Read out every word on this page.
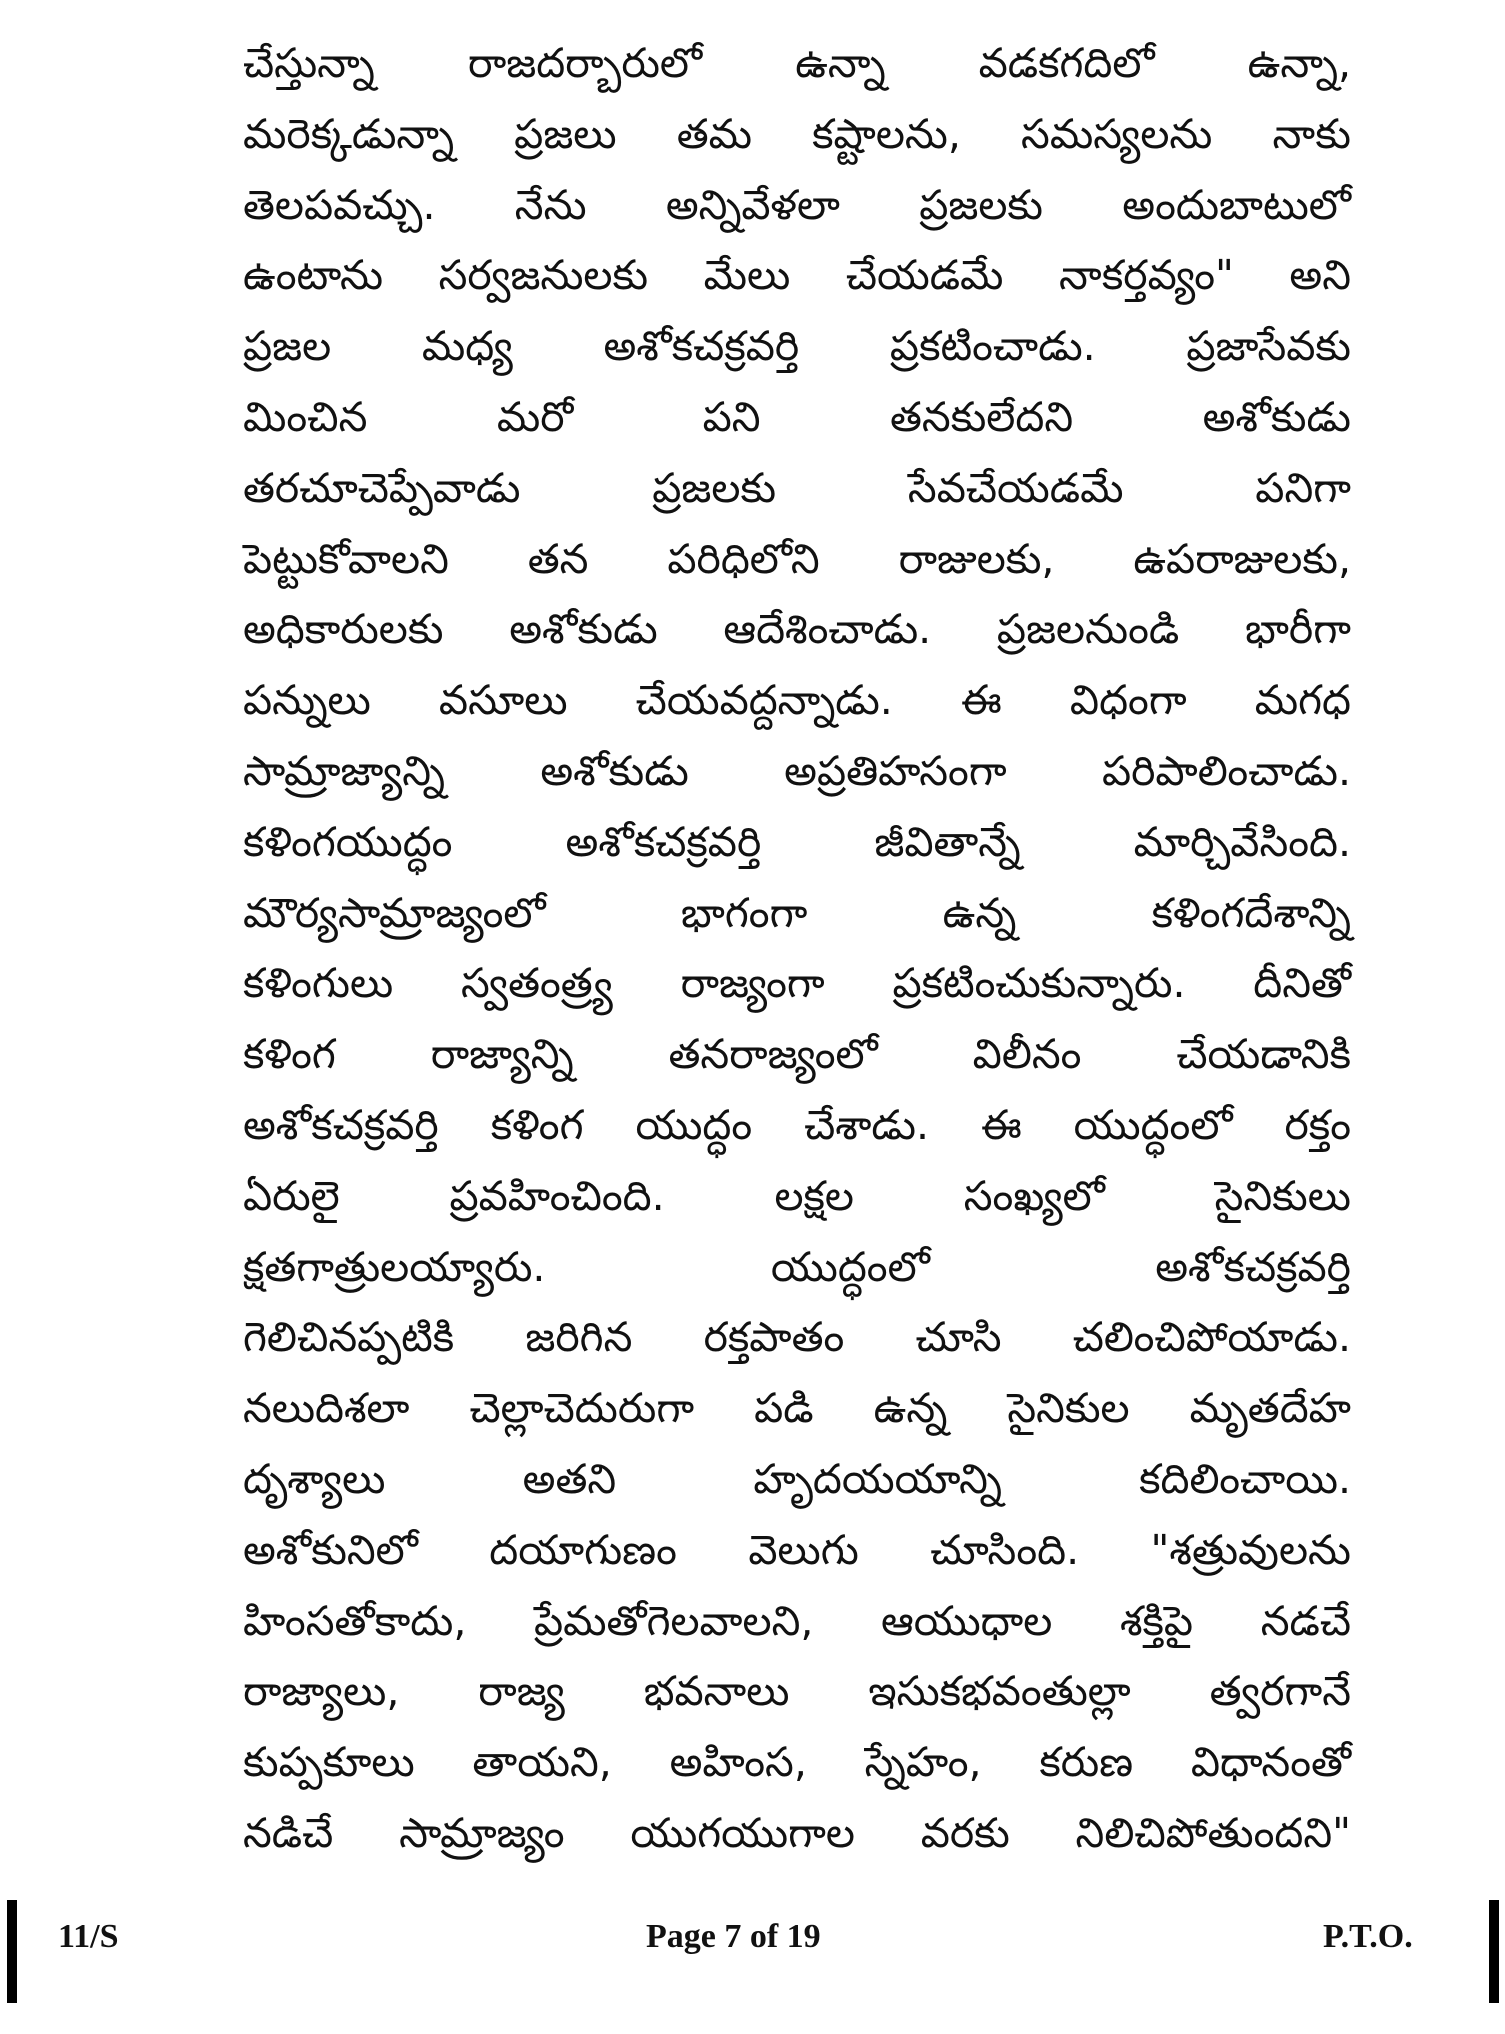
చేస్తున్నా రాజదర్బారులో ఉన్నా వడకగదిలో ఉన్నా,
మరెక్కడున్నా ప్రజలు తమ కష్టాలను, సమస్యలను నాకు
తెలపవచ్చు. నేను అన్నివేళలా ప్రజలకు అందుబాటులో
ఉంటాను సర్వజనులకు మేలు చేయడమే నాకర్తవ్యం" అని
ప్రజల మధ్య అశోకచక్రవర్తి ప్రకటించాడు. ప్రజాసేవకు
మించిన మరో పని తనకులేదని అశోకుడు
తరచూచెప్పేవాడు ప్రజలకు సేవచేయడమే పనిగా
పెట్టుకోవాలని తన పరిధిలోని రాజులకు, ఉపరాజులకు,
అధికారులకు అశోకుడు ఆదేశించాడు. ప్రజలనుండి భారీగా
పన్నులు వసూలు చేయవద్దన్నాడు. ఈ విధంగా మగధ
సామ్రాజ్యాన్ని అశోకుడు అప్రతిహసంగా పరిపాలించాడు.
కళింగయుద్ధం అశోకచక్రవర్తి జీవితాన్నే మార్చివేసింది.
మౌర్యసామ్రాజ్యంలో భాగంగా ఉన్న కళింగదేశాన్ని
కళింగులు స్వతంత్ర్య రాజ్యంగా ప్రకటించుకున్నారు. దీనితో
కళింగ రాజ్యాన్ని తనరాజ్యంలో విలీనం చేయడానికి
అశోకచక్రవర్తి కళింగ యుద్ధం చేశాడు. ఈ యుద్ధంలో రక్తం
ఏరులై ప్రవహించింది. లక్షల సంఖ్యలో సైనికులు
క్షతగాత్రులయ్యారు. యుద్ధంలో అశోకచక్రవర్తి
గెలిచినప్పటికి జరిగిన రక్తపాతం చూసి చలించిపోయాడు.
నలుదిశలా చెల్లాచెదురుగా పడి ఉన్న సైనికుల మృతదేహ
దృశ్యాలు అతని హృదయయాన్ని కదిలించాయి.
అశోకునిలో దయాగుణం వెలుగు చూసింది. "శత్రువులను
హింసతోకాదు, ప్రేమతోగెలవాలని, ఆయుధాల శక్తిపై నడచే
రాజ్యాలు, రాజ్య భవనాలు ఇసుకభవంతుల్లా త్వరగానే
కుప్పకూలు తాయని, అహింస, స్నేహం, కరుణ విధానంతో
నడిచే సామ్రాజ్యం యుగయుగాల వరకు నిలిచిపోతుందని"
11/S	Page 7 of 19	P.T.O.
